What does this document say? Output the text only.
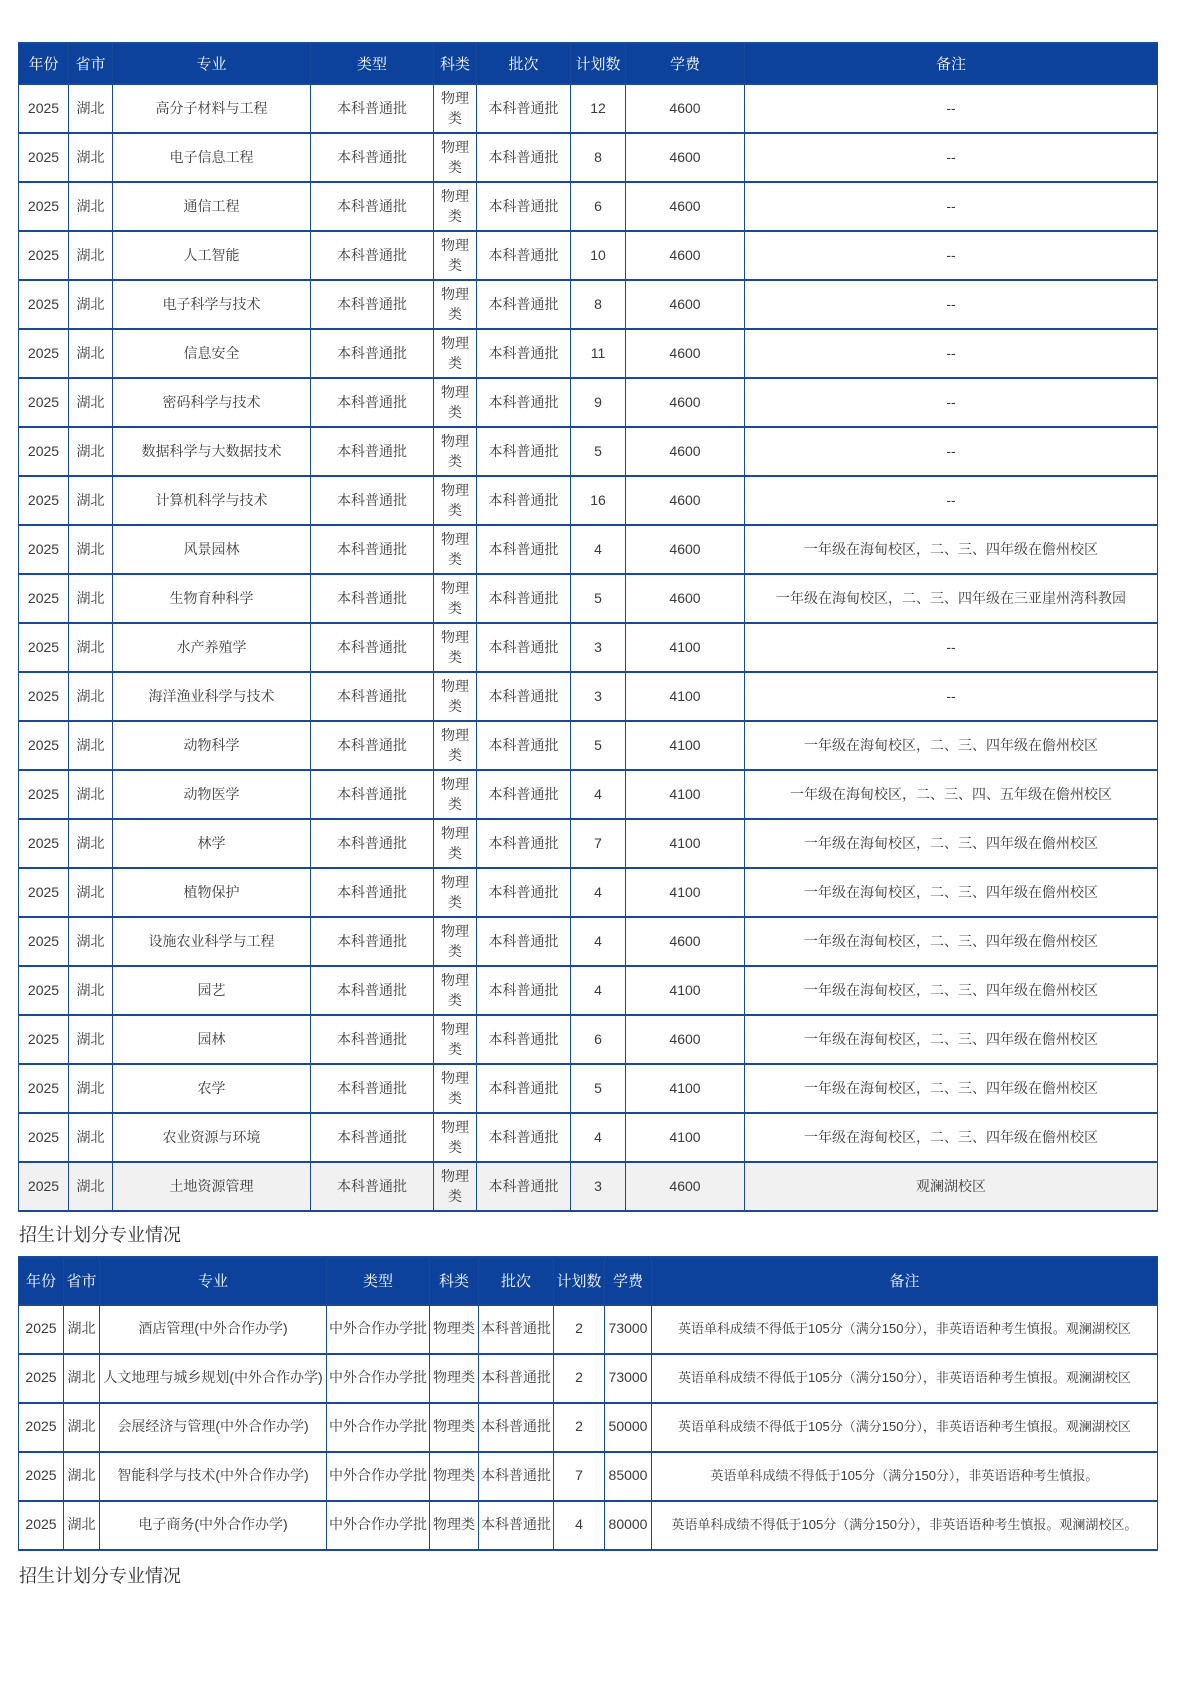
年份	省市	专业	类型	科类	批次	计划数	学费	备注
2025	湖北	高分子材料与工程	本科普通批	物理类	本科普通批	12	4600	--
2025	湖北	电子信息工程	本科普通批	物理类	本科普通批	8	4600	--
2025	湖北	通信工程	本科普通批	物理类	本科普通批	6	4600	--
2025	湖北	人工智能	本科普通批	物理类	本科普通批	10	4600	--
2025	湖北	电子科学与技术	本科普通批	物理类	本科普通批	8	4600	--
2025	湖北	信息安全	本科普通批	物理类	本科普通批	11	4600	--
2025	湖北	密码科学与技术	本科普通批	物理类	本科普通批	9	4600	--
2025	湖北	数据科学与大数据技术	本科普通批	物理类	本科普通批	5	4600	--
2025	湖北	计算机科学与技术	本科普通批	物理类	本科普通批	16	4600	--
2025	湖北	风景园林	本科普通批	物理类	本科普通批	4	4600	一年级在海甸校区，二、三、四年级在儋州校区
2025	湖北	生物育种科学	本科普通批	物理类	本科普通批	5	4600	一年级在海甸校区，二、三、四年级在三亚崖州湾科教园
2025	湖北	水产养殖学	本科普通批	物理类	本科普通批	3	4100	--
2025	湖北	海洋渔业科学与技术	本科普通批	物理类	本科普通批	3	4100	--
2025	湖北	动物科学	本科普通批	物理类	本科普通批	5	4100	一年级在海甸校区，二、三、四年级在儋州校区
2025	湖北	动物医学	本科普通批	物理类	本科普通批	4	4100	一年级在海甸校区，二、三、四、五年级在儋州校区
2025	湖北	林学	本科普通批	物理类	本科普通批	7	4100	一年级在海甸校区，二、三、四年级在儋州校区
2025	湖北	植物保护	本科普通批	物理类	本科普通批	4	4100	一年级在海甸校区，二、三、四年级在儋州校区
2025	湖北	设施农业科学与工程	本科普通批	物理类	本科普通批	4	4600	一年级在海甸校区，二、三、四年级在儋州校区
2025	湖北	园艺	本科普通批	物理类	本科普通批	4	4100	一年级在海甸校区，二、三、四年级在儋州校区
2025	湖北	园林	本科普通批	物理类	本科普通批	6	4600	一年级在海甸校区，二、三、四年级在儋州校区
2025	湖北	农学	本科普通批	物理类	本科普通批	5	4100	一年级在海甸校区，二、三、四年级在儋州校区
2025	湖北	农业资源与环境	本科普通批	物理类	本科普通批	4	4100	一年级在海甸校区，二、三、四年级在儋州校区
2025	湖北	土地资源管理	本科普通批	物理类	本科普通批	3	4600	观澜湖校区
招生计划分专业情况
年份	省市	专业	类型	科类	批次	计划数	学费	备注
2025	湖北	酒店管理(中外合作办学)	中外合作办学批	物理类	本科普通批	2	73000	英语单科成绩不得低于105分（满分150分），非英语语种考生慎报。观澜湖校区
2025	湖北	人文地理与城乡规划(中外合作办学)	中外合作办学批	物理类	本科普通批	2	73000	英语单科成绩不得低于105分（满分150分），非英语语种考生慎报。观澜湖校区
2025	湖北	会展经济与管理(中外合作办学)	中外合作办学批	物理类	本科普通批	2	50000	英语单科成绩不得低于105分（满分150分），非英语语种考生慎报。观澜湖校区
2025	湖北	智能科学与技术(中外合作办学)	中外合作办学批	物理类	本科普通批	7	85000	英语单科成绩不得低于105分（满分150分），非英语语种考生慎报。
2025	湖北	电子商务(中外合作办学)	中外合作办学批	物理类	本科普通批	4	80000	英语单科成绩不得低于105分（满分150分），非英语语种考生慎报。观澜湖校区。
招生计划分专业情况
